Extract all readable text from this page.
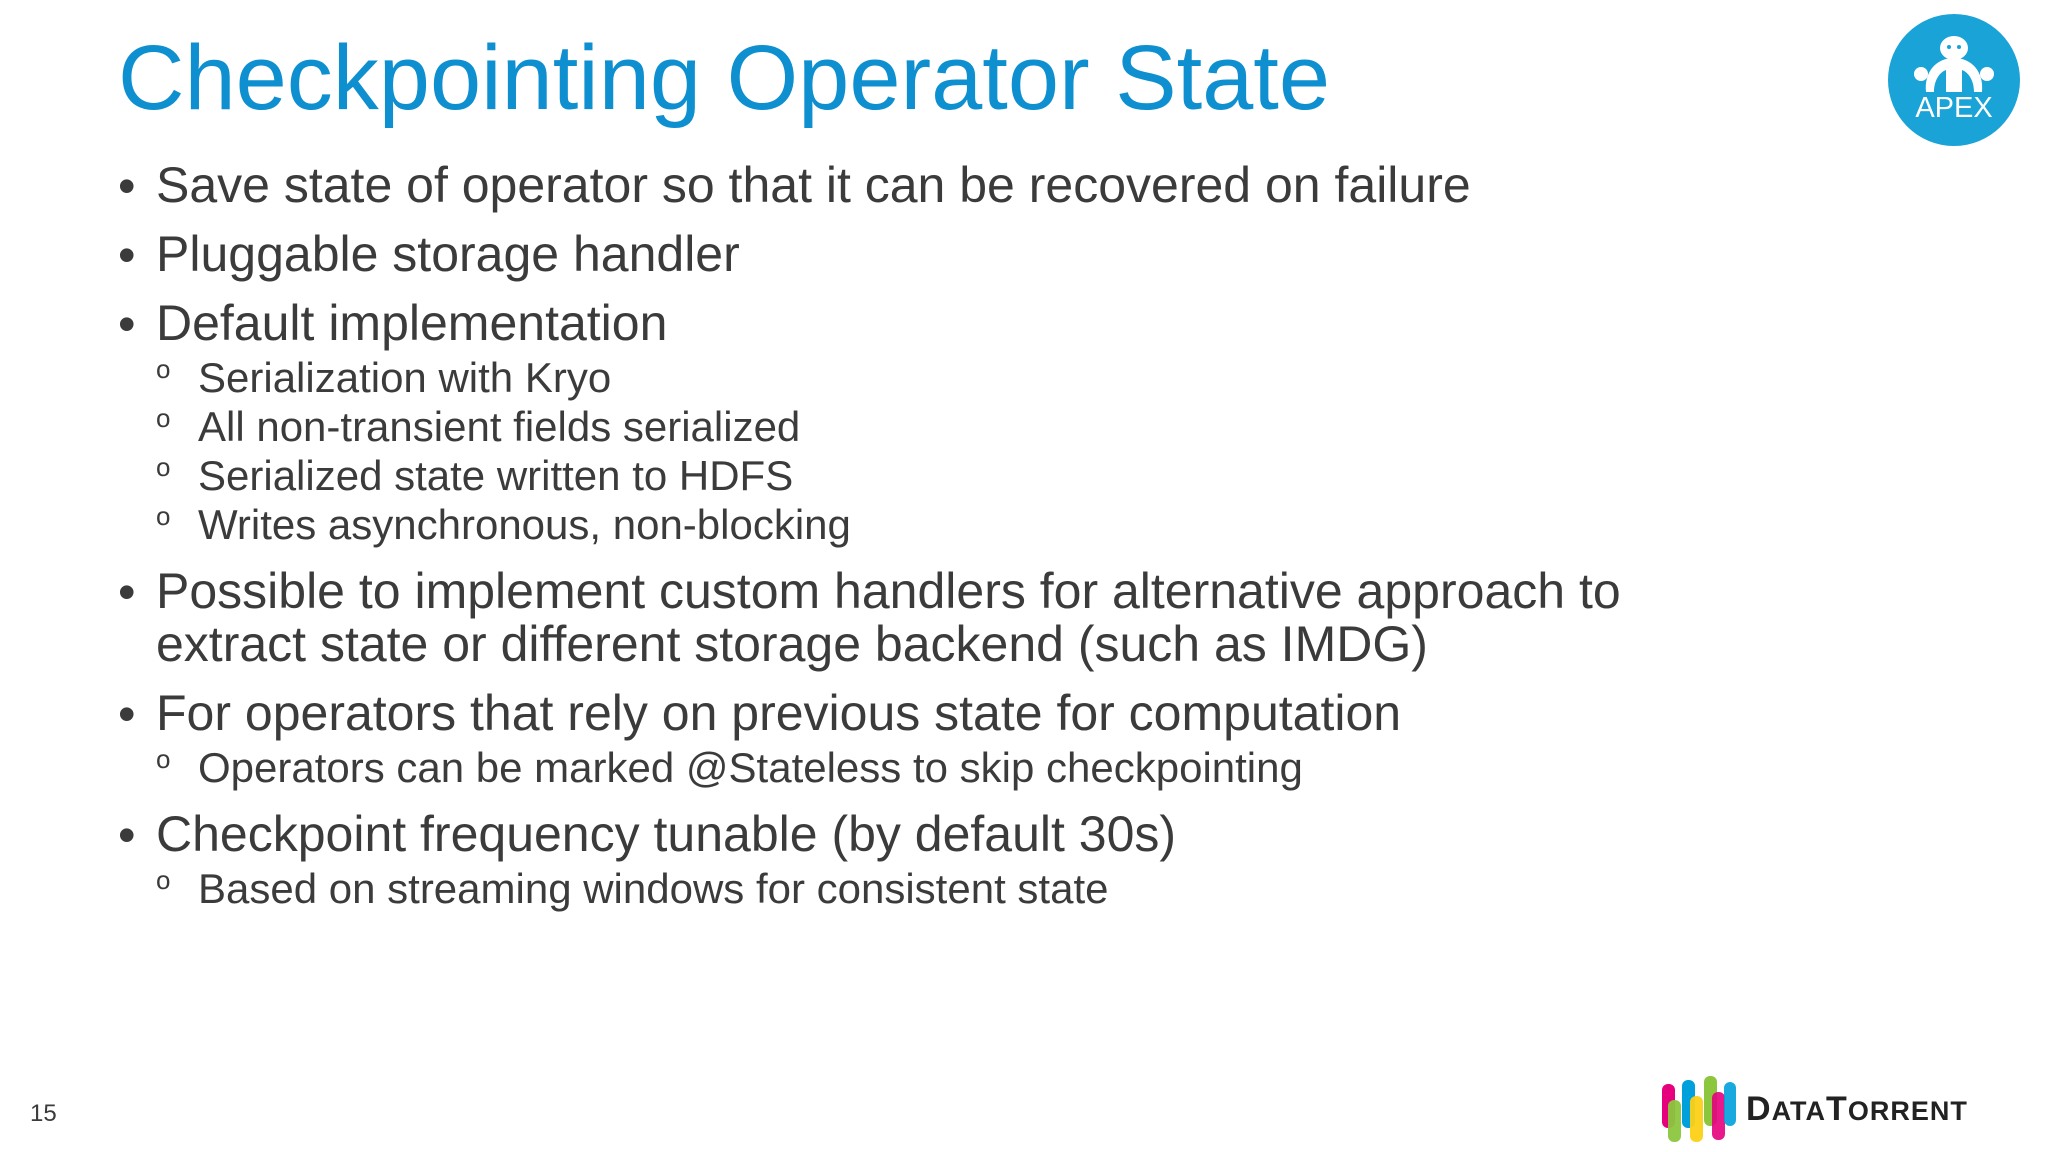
Checkpointing Operator State	APEX
• Save state of operator so that it can be recovered on failure
• Pluggable storage handler
• Default implementation
o Serialization with Kryo
o All non-transient fields serialized
o Serialized state written to HDFS
o Writes asynchronous, non-blocking
• Possible to implement custom handlers for alternative approach to extract state or different storage backend (such as IMDG)
• For operators that rely on previous state for computation
o Operators can be marked @Stateless to skip checkpointing
• Checkpoint frequency tunable (by default 30s)
o Based on streaming windows for consistent state
15	DATATORRENT
